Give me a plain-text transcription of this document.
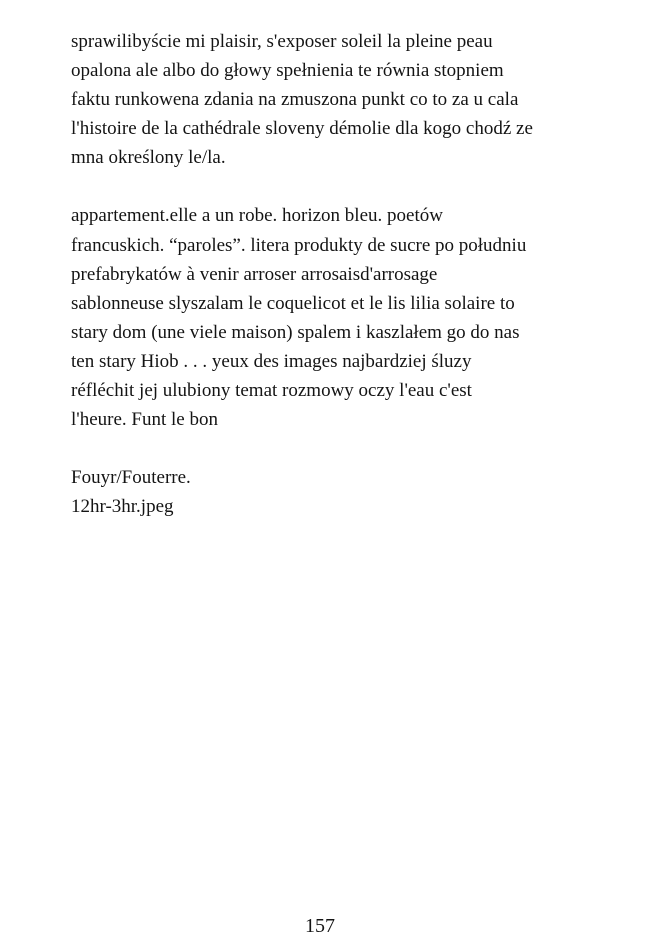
sprawilibyście mi plaisir, s'exposer soleil la pleine peau
opalona ale albo do głowy spełnienia te równia stopniem
faktu runkowena zdania na zmuszona punkt co to za u cala
l'histoire de la cathédrale sloveny démolie dla kogo chodź ze
mna określony le/la.

appartement.elle a un robe. horizon bleu. poetów
francuskich. “paroles”. litera produkty de sucre po południu
prefabrykatów à venir arroser arrosaisd'arrosage
sablonneuse slyszalam le coquelicot et le lis lilia solaire to
stary dom (une viele maison) spalem i kaszlałem go do nas
ten stary Hiob . . . yeux des images najbardziej śluzy
réfléchit jej ulubiony temat rozmowy oczy l'eau c'est
l'heure. Funt le bon

Fouyr/Fouterre.
12hr-3hr.jpeg

157
